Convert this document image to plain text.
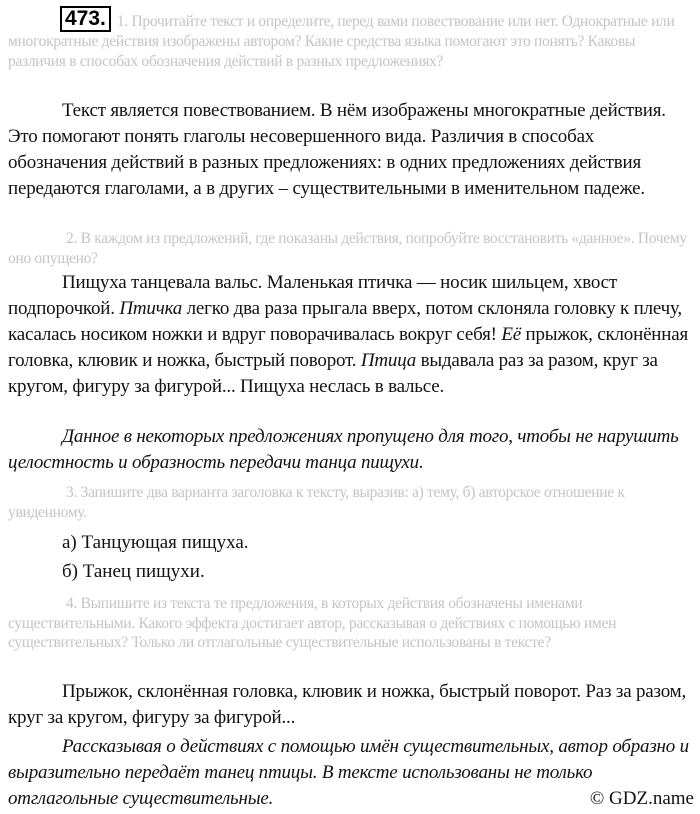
473. 1. Прочитайте текст и определите, перед вами повествование или нет. Однократные или многократные действия изображены автором? Какие средства языка помогают это понять? Каковы различия в способах обозначения действий в разных предложениях?

Текст является повествованием. В нём изображены многократные действия. Это помогают понять глаголы несовершенного вида. Различия в способах обозначения действий в разных предложениях: в одних предложениях действия передаются глаголами, а в других – существительными в именительном падеже.

2. В каждом из предложений, где показаны действия, попробуйте восстановить «данное». Почему оно опущено?

Пищуха танцевала вальс. Маленькая птичка — носик шильцем, хвост подпорочкой. Птичка легко два раза прыгала вверх, потом склоняла головку к плечу, касалась носиком ножки и вдруг поворачивалась вокруг себя! Её прыжок, склонённая головка, клювик и ножка, быстрый поворот. Птица выдавала раз за разом, круг за кругом, фигуру за фигурой... Пищуха неслась в вальсе.

Данное в некоторых предложениях пропущено для того, чтобы не нарушить целостность и образность передачи танца пищухи.

3. Запишите два варианта заголовка к тексту, выразив: а) тему, б) авторское отношение к увиденному.

а) Танцующая пищуха.
б) Танец пищухи.

4. Выпишите из текста те предложения, в которых действия обозначены именами существительными. Какого эффекта достигает автор, рассказывая о действиях с помощью имен существительных? Только ли отглагольные существительные использованы в тексте?

Прыжок, склонённая головка, клювик и ножка, быстрый поворот. Раз за разом, круг за кругом, фигуру за фигурой...

Рассказывая о действиях с помощью имён существительных, автор образно и выразительно передаёт танец птицы. В тексте использованы не только отглагольные существительные.	© GDZ.name
